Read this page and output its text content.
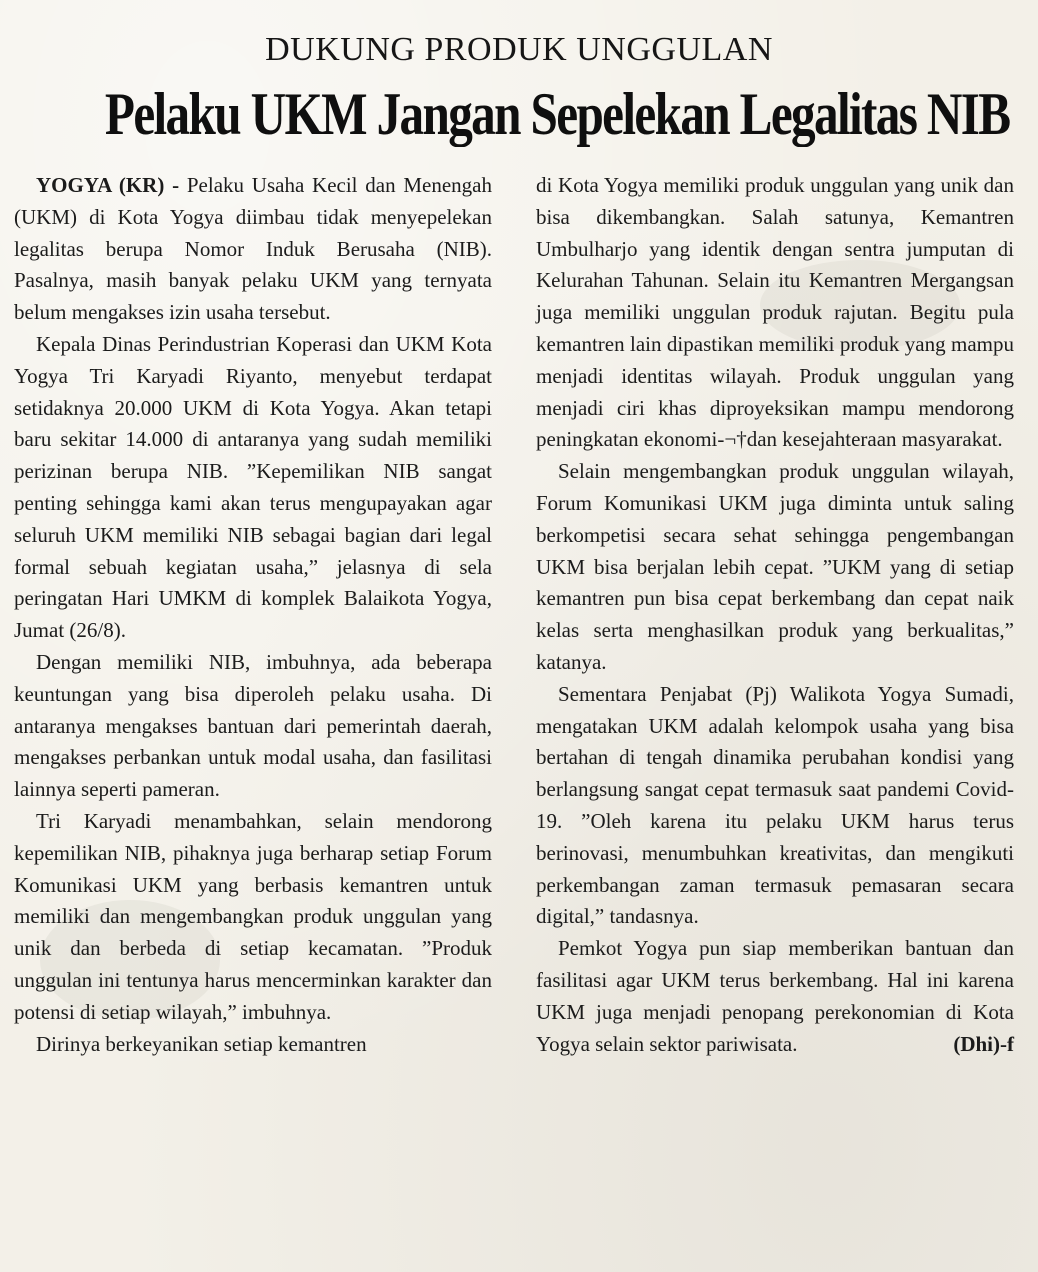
DUKUNG PRODUK UNGGULAN
Pelaku UKM Jangan Sepelekan Legalitas NIB

YOGYA (KR) - Pelaku Usaha Kecil dan Menengah (UKM) di Kota Yogya diimbau tidak menyepelekan legalitas berupa Nomor Induk Berusaha (NIB). Pasalnya, masih banyak pelaku UKM yang ternyata belum mengakses izin usaha tersebut.

Kepala Dinas Perindustrian Koperasi dan UKM Kota Yogya Tri Karyadi Riyanto, menyebut terdapat setidaknya 20.000 UKM di Kota Yogya. Akan tetapi baru sekitar 14.000 di antaranya yang sudah memiliki perizinan berupa NIB. ”Kepemilikan NIB sangat penting sehingga kami akan terus mengupayakan agar seluruh UKM memiliki NIB sebagai bagian dari legal formal sebuah kegiatan usaha,” jelasnya di sela peringatan Hari UMKM di komplek Balaikota Yogya, Jumat (26/8).

Dengan memiliki NIB, imbuhnya, ada beberapa keuntungan yang bisa diperoleh pelaku usaha. Di antaranya mengakses bantuan dari pemerintah daerah, mengakses perbankan untuk modal usaha, dan fasilitasi lainnya seperti pameran.

Tri Karyadi menambahkan, selain mendorong kepemilikan NIB, pihaknya juga berharap setiap Forum Komunikasi UKM yang berbasis kemantren untuk memiliki dan mengembangkan produk unggulan yang unik dan berbeda di setiap kecamatan. ”Produk unggulan ini tentunya harus mencerminkan karakter dan potensi di setiap wilayah,” imbuhnya.

Dirinya berkeyanikan setiap kemantren

di Kota Yogya memiliki produk unggulan yang unik dan bisa dikembangkan. Salah satunya, Kemantren Umbulharjo yang identik dengan sentra jumputan di Kelurahan Tahunan. Selain itu Kemantren Mergangsan juga memiliki unggulan produk rajutan. Begitu pula kemantren lain dipastikan memiliki produk yang mampu menjadi identitas wilayah. Produk unggulan yang menjadi ciri khas diproyeksikan mampu mendorong peningkatan ekonomi-¬†dan kesejahteraan masyarakat.

Selain mengembangkan produk unggulan wilayah, Forum Komunikasi UKM juga diminta untuk saling berkompetisi secara sehat sehingga pengembangan UKM bisa berjalan lebih cepat. ”UKM yang di setiap kemantren pun bisa cepat berkembang dan cepat naik kelas serta menghasilkan produk yang berkualitas,” katanya.

Sementara Penjabat (Pj) Walikota Yogya Sumadi, mengatakan UKM adalah kelompok usaha yang bisa bertahan di tengah dinamika perubahan kondisi yang berlangsung sangat cepat termasuk saat pandemi Covid-19. ”Oleh karena itu pelaku UKM harus terus berinovasi, menumbuhkan kreativitas, dan mengikuti perkembangan zaman termasuk pemasaran secara digital,” tandasnya.

Pemkot Yogya pun siap memberikan bantuan dan fasilitasi agar UKM terus berkembang. Hal ini karena UKM juga menjadi penopang perekonomian di Kota Yogya selain sektor pariwisata.	(Dhi)-f
